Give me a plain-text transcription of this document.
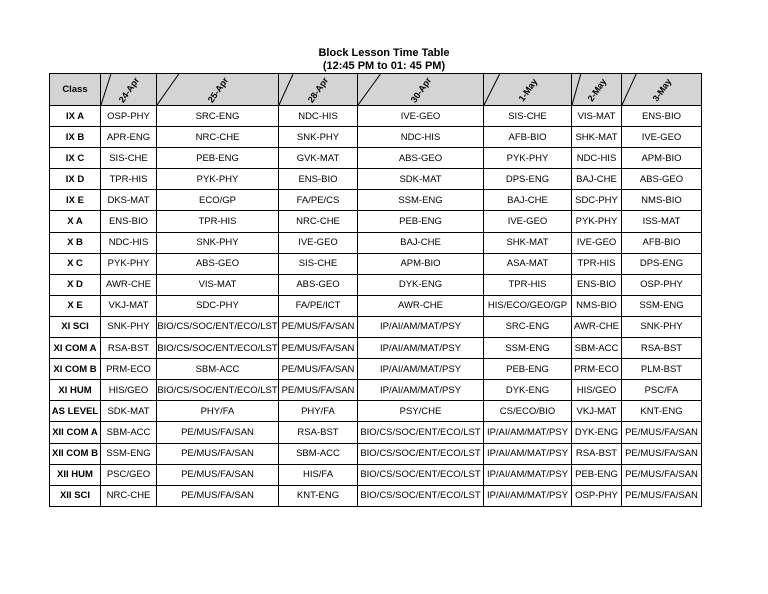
Block Lesson Time Table
(12:45 PM to 01: 45 PM)
Class	24-Apr	25-Apr	28-Apr	30-Apr	1-May	2-May	3-May

IX A	OSP-PHY	SRC-ENG	NDC-HIS	IVE-GEO	SIS-CHE	VIS-MAT	ENS-BIO
IX B	APR-ENG	NRC-CHE	SNK-PHY	NDC-HIS	AFB-BIO	SHK-MAT	IVE-GEO
IX C	SIS-CHE	PEB-ENG	GVK-MAT	ABS-GEO	PYK-PHY	NDC-HIS	APM-BIO
IX D	TPR-HIS	PYK-PHY	ENS-BIO	SDK-MAT	DPS-ENG	BAJ-CHE	ABS-GEO
IX E	DKS-MAT	ECO/GP	FA/PE/CS	SSM-ENG	BAJ-CHE	SDC-PHY	NMS-BIO
X A	ENS-BIO	TPR-HIS	NRC-CHE	PEB-ENG	IVE-GEO	PYK-PHY	ISS-MAT
X B	NDC-HIS	SNK-PHY	IVE-GEO	BAJ-CHE	SHK-MAT	IVE-GEO	AFB-BIO
X C	PYK-PHY	ABS-GEO	SIS-CHE	APM-BIO	ASA-MAT	TPR-HIS	DPS-ENG
X D	AWR-CHE	VIS-MAT	ABS-GEO	DYK-ENG	TPR-HIS	ENS-BIO	OSP-PHY
X E	VKJ-MAT	SDC-PHY	FA/PE/ICT	AWR-CHE	HIS/ECO/GEO/GP	NMS-BIO	SSM-ENG
XI SCI	SNK-PHY	BIO/CS/SOC/ENT/ECO/LST	PE/MUS/FA/SAN	IP/AI/AM/MAT/PSY	SRC-ENG	AWR-CHE	SNK-PHY
XI COM A	RSA-BST	BIO/CS/SOC/ENT/ECO/LST	PE/MUS/FA/SAN	IP/AI/AM/MAT/PSY	SSM-ENG	SBM-ACC	RSA-BST
XI COM B	PRM-ECO	SBM-ACC	PE/MUS/FA/SAN	IP/AI/AM/MAT/PSY	PEB-ENG	PRM-ECO	PLM-BST
XI HUM	HIS/GEO	BIO/CS/SOC/ENT/ECO/LST	PE/MUS/FA/SAN	IP/AI/AM/MAT/PSY	DYK-ENG	HIS/GEO	PSC/FA
AS LEVEL	SDK-MAT	PHY/FA	PHY/FA	PSY/CHE	CS/ECO/BIO	VKJ-MAT	KNT-ENG
XII COM A	SBM-ACC	PE/MUS/FA/SAN	RSA-BST	BIO/CS/SOC/ENT/ECO/LST	IP/AI/AM/MAT/PSY	DYK-ENG	PE/MUS/FA/SAN
XII COM B	SSM-ENG	PE/MUS/FA/SAN	SBM-ACC	BIO/CS/SOC/ENT/ECO/LST	IP/AI/AM/MAT/PSY	RSA-BST	PE/MUS/FA/SAN
XII HUM	PSC/GEO	PE/MUS/FA/SAN	HIS/FA	BIO/CS/SOC/ENT/ECO/LST	IP/AI/AM/MAT/PSY	PEB-ENG	PE/MUS/FA/SAN
XII SCI	NRC-CHE	PE/MUS/FA/SAN	KNT-ENG	BIO/CS/SOC/ENT/ECO/LST	IP/AI/AM/MAT/PSY	OSP-PHY	PE/MUS/FA/SAN
